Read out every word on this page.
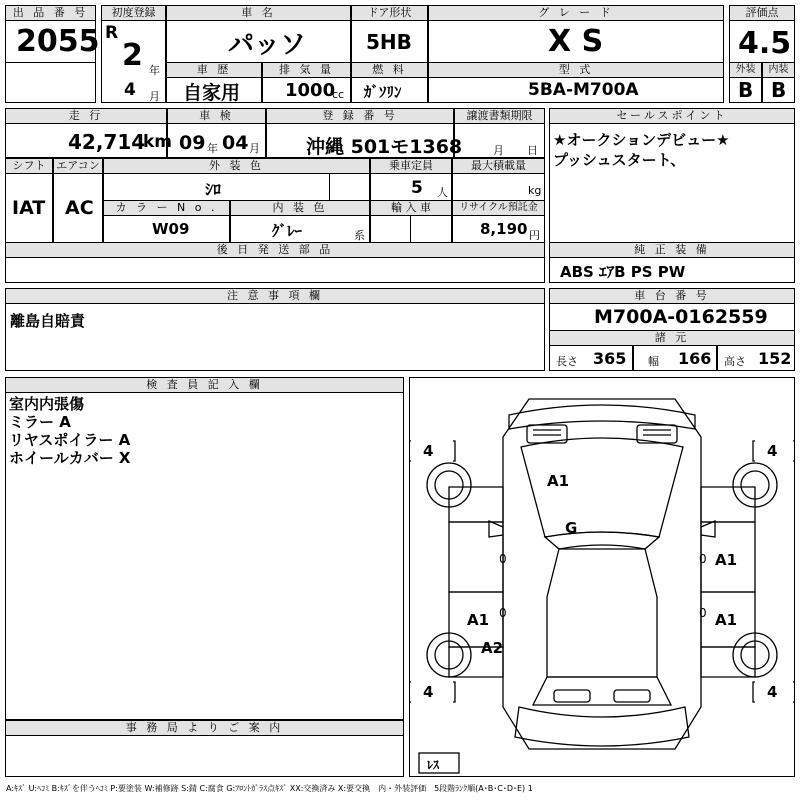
出 品 番 号
2055
初度登録
R
2 年
4 月
車 名
パッソ
ドア形状
5HB
グ レ ー ド
X S
評価点
4.5
車 歴
自家用
排 気 量
1000
cc
燃 料
ｶﾞｿﾘﾝ
型 式
5BA-M700A
外装	内装
B B
走 行
42,714
km
車 検
09 年 04 月
登 録 番 号
沖縄 501モ1368
譲渡書類期限
月 日
セールスポイント
★オークションデビュー★
プッシュスタート、
シフト
IAT
エアコン
AC
外 装 色
ｼﾛ
乗車定員
5 人
最大積載量
kg
カ ラ ー N o .
W09
内 装 色
ｸﾞﾚｰ	系
輸 入 車	リサイクル預託金
8,190 円
後 日 発 送 部 品	純 正 装 備
ABS ｴｱB PS PW
注 意 事 項 欄
離島自賠責
車 台 番 号
M700A-0162559
諸 元
長さ 365 幅 166 高さ 152
検 査 員 記 入 欄
室内内張傷
ミラー A
リヤスポイラー A
ホイールカバー X
事 務 局 よ り ご 案 内
4	4
4	4
ﾚｽ
A1
G
A1
A1
A1
A2
0
0
0
0
A:ｷｽﾞ U:ﾍｺﾐ B:ｷｽﾞを伴うﾍｺﾐ P:要塗装 W:補修跡 S:錆 C:腐食 G:ﾌﾛﾝﾄｶﾞﾗｽ点ｷｽﾞ XX:交換済み X:要交換　内・外装評価　5段階ﾗﾝｸ順(A･B･C･D･E) 1
